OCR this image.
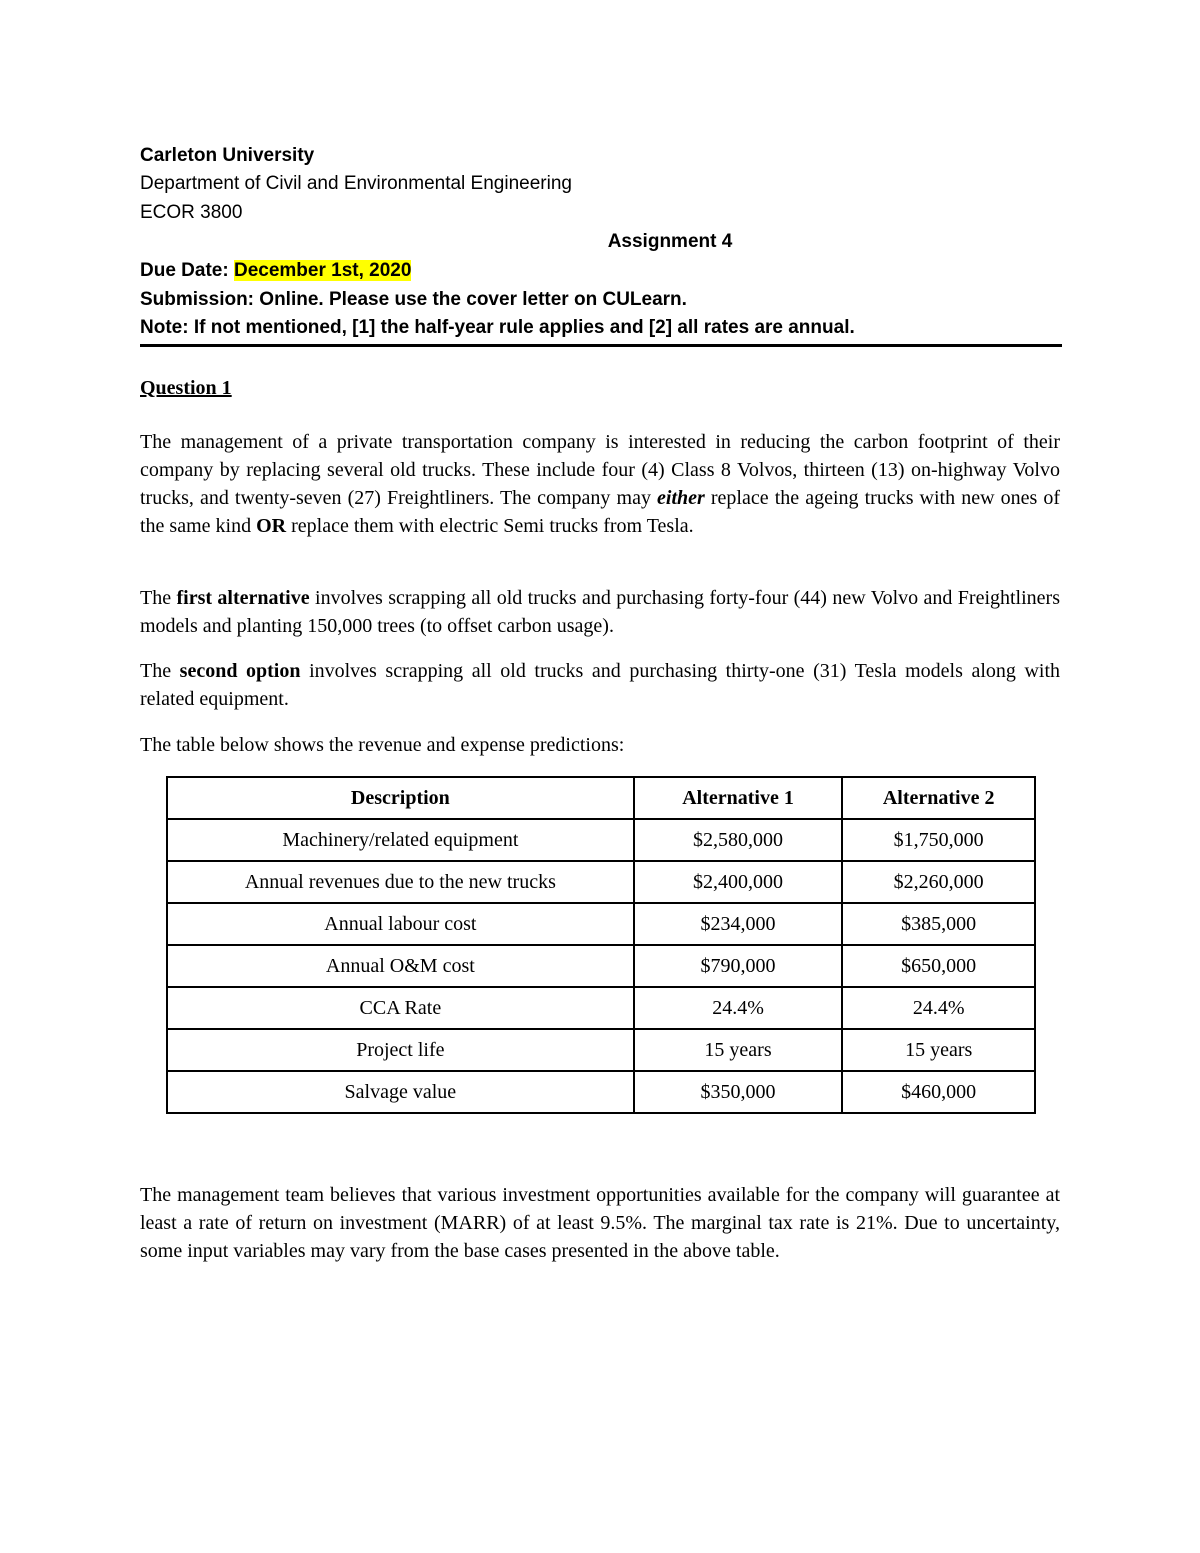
Carleton University
Department of Civil and Environmental Engineering
ECOR 3800
Assignment 4
Due Date: December 1st, 2020
Submission: Online. Please use the cover letter on CULearn.
Note: If not mentioned, [1] the half-year rule applies and [2] all rates are annual.
Question 1
The management of a private transportation company is interested in reducing the carbon footprint of their company by replacing several old trucks. These include four (4) Class 8 Volvos, thirteen (13) on-highway Volvo trucks, and twenty-seven (27) Freightliners. The company may either replace the ageing trucks with new ones of the same kind OR replace them with electric Semi trucks from Tesla.
The first alternative involves scrapping all old trucks and purchasing forty-four (44) new Volvo and Freightliners models and planting 150,000 trees (to offset carbon usage).
The second option involves scrapping all old trucks and purchasing thirty-one (31) Tesla models along with related equipment.
The table below shows the revenue and expense predictions:
Description	Alternative 1	Alternative 2
Machinery/related equipment	$2,580,000	$1,750,000
Annual revenues due to the new trucks	$2,400,000	$2,260,000
Annual labour cost	$234,000	$385,000
Annual O&M cost	$790,000	$650,000
CCA Rate	24.4%	24.4%
Project life	15 years	15 years
Salvage value	$350,000	$460,000
The management team believes that various investment opportunities available for the company will guarantee at least a rate of return on investment (MARR) of at least 9.5%. The marginal tax rate is 21%. Due to uncertainty, some input variables may vary from the base cases presented in the above table.
